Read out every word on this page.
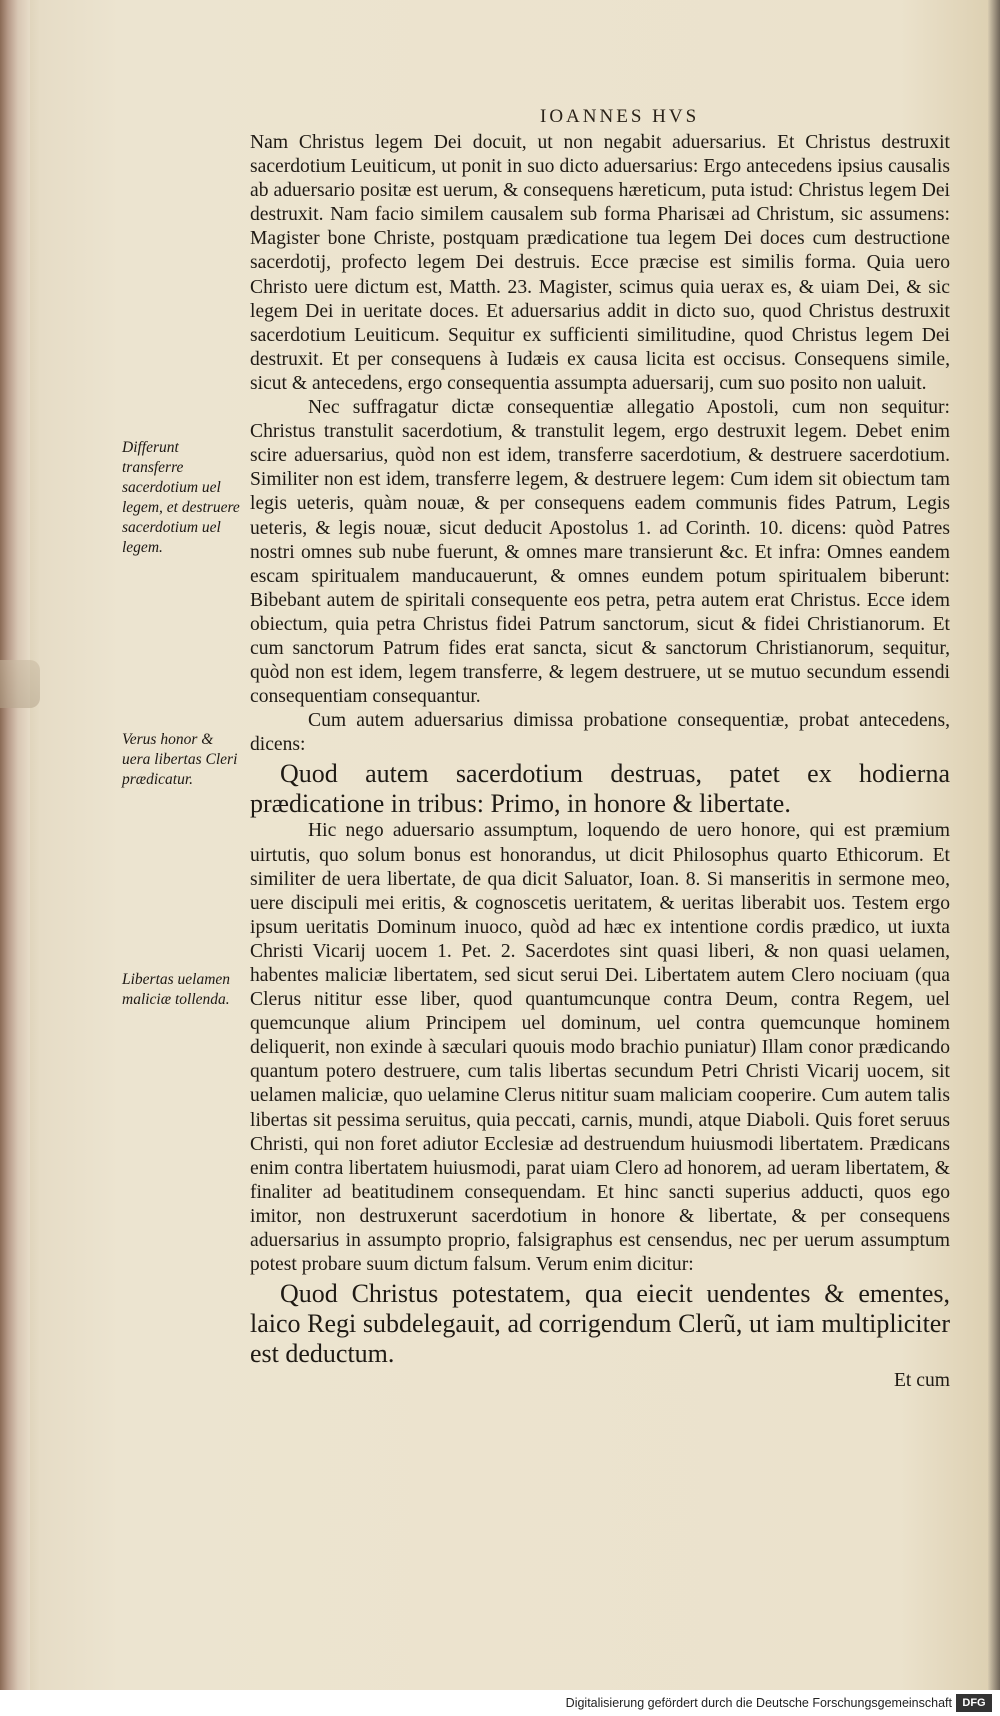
IOANNES HVS

Nam Christus legem Dei docuit, ut non negabit aduersarius. Et Christus destruxit sacerdotium Leuiticum, ut ponit in suo dicto aduersarius: Ergo antecedens ipsius causalis ab aduersario positæ est uerum, & consequens hæreticum, puta istud: Christus legem Dei destruxit. Nam facio similem causalem sub forma Pharisæi ad Christum, sic assumens: Magister bone Christe, postquam prædicatione tua legem Dei doces cum destructione sacerdotij, profecto legem Dei destruis. Ecce præcise est similis forma. Quia uero Christo uere dictum est, Matth. 23. Magister, scimus quia uerax es, & uiam Dei, & sic legem Dei in ueritate doces. Et aduersarius addit in dicto suo, quod Christus destruxit sacerdotium Leuiticum. Sequitur ex sufficienti similitudine, quod Christus legem Dei destruxit. Et per consequens à Iudæis ex causa licita est occisus. Consequens simile, sicut & antecedens, ergo consequentia assumpta aduersarij, cum suo posito non ualuit.

Nec suffragatur dictæ consequentiæ allegatio Apostoli, cum non sequitur: Christus transtulit sacerdotium, & transtulit legem, ergo destruxit legem. Debet enim scire aduersarius, quòd non est idem, transferre sacerdotium, & destruere sacerdotium. Similiter non est idem, transferre legem, & destruere legem: Cum idem sit obiectum tam legis ueteris, quàm nouæ, & per consequens eadem communis fides Patrum, Legis ueteris, & legis nouæ, sicut deducit Apostolus 1. ad Corinth. 10. dicens: quòd Patres nostri omnes sub nube fuerunt, & omnes mare transierunt &c. Et infra: Omnes eandem escam spiritualem manducauerunt, & omnes eundem potum spiritualem biberunt: Bibebant autem de spiritali consequente eos petra, petra autem erat Christus. Ecce idem obiectum, quia petra Christus fidei Patrum sanctorum, sicut & fidei Christianorum. Et cum sanctorum Patrum fides erat sancta, sicut & sanctorum Christianorum, sequitur, quòd non est idem, legem transferre, & legem destruere, ut se mutuo secundum essendi consequentiam consequantur.

Cum autem aduersarius dimissa probatione consequentiæ, probat antecedens, dicens:

Quod autem sacerdotium destruas, patet ex hodierna prædicatione in tribus: Primo, in honore & libertate.

Hic nego aduersario assumptum, loquendo de uero honore, qui est præmium uirtutis, quo solum bonus est honorandus, ut dicit Philosophus quarto Ethicorum. Et similiter de uera libertate, de qua dicit Saluator, Ioan. 8. Si manseritis in sermone meo, uere discipuli mei eritis, & cognoscetis ueritatem, & ueritas liberabit uos. Testem ergo ipsum ueritatis Dominum inuoco, quòd ad hæc ex intentione cordis prædico, ut iuxta Christi Vicarij uocem 1. Pet. 2. Sacerdotes sint quasi liberi, & non quasi uelamen, habentes maliciæ libertatem, sed sicut serui Dei. Libertatem autem Clero nociuam (qua Clerus nititur esse liber, quod quantumcunque contra Deum, contra Regem, uel quemcunque alium Principem uel dominum, uel contra quemcunque hominem deliquerit, non exinde à sæculari quouis modo brachio puniatur) Illam conor prædicando quantum potero destruere, cum talis libertas secundum Petri Christi Vicarij uocem, sit uelamen maliciæ, quo uelamine Clerus nititur suam maliciam cooperire. Cum autem talis libertas sit pessima seruitus, quia peccati, carnis, mundi, atque Diaboli. Quis foret seruus Christi, qui non foret adiutor Ecclesiæ ad destruendum huiusmodi libertatem. Prædicans enim contra libertatem huiusmodi, parat uiam Clero ad honorem, ad ueram libertatem, & finaliter ad beatitudinem consequendam. Et hinc sancti superius adducti, quos ego imitor, non destruxerunt sacerdotium in honore & libertate, & per consequens aduersarius in assumpto proprio, falsigraphus est censendus, nec per uerum assumptum potest probare suum dictum falsum. Verum enim dicitur:

Quod Christus potestatem, qua eiecit uendentes & ementes, laico Regi subdelegauit, ad corrigendum Clerũ, ut iam multipliciter est deductum.

Et cum

Differunt transferre sacerdotium uel legem, et destruere sacerdotium uel legem.
Verus honor & uera libertas Cleri prædicatur.
Libertas uelamen maliciæ tollenda.
Digitalisierung gefördert durch die Deutsche Forschungsgemeinschaft DFG
